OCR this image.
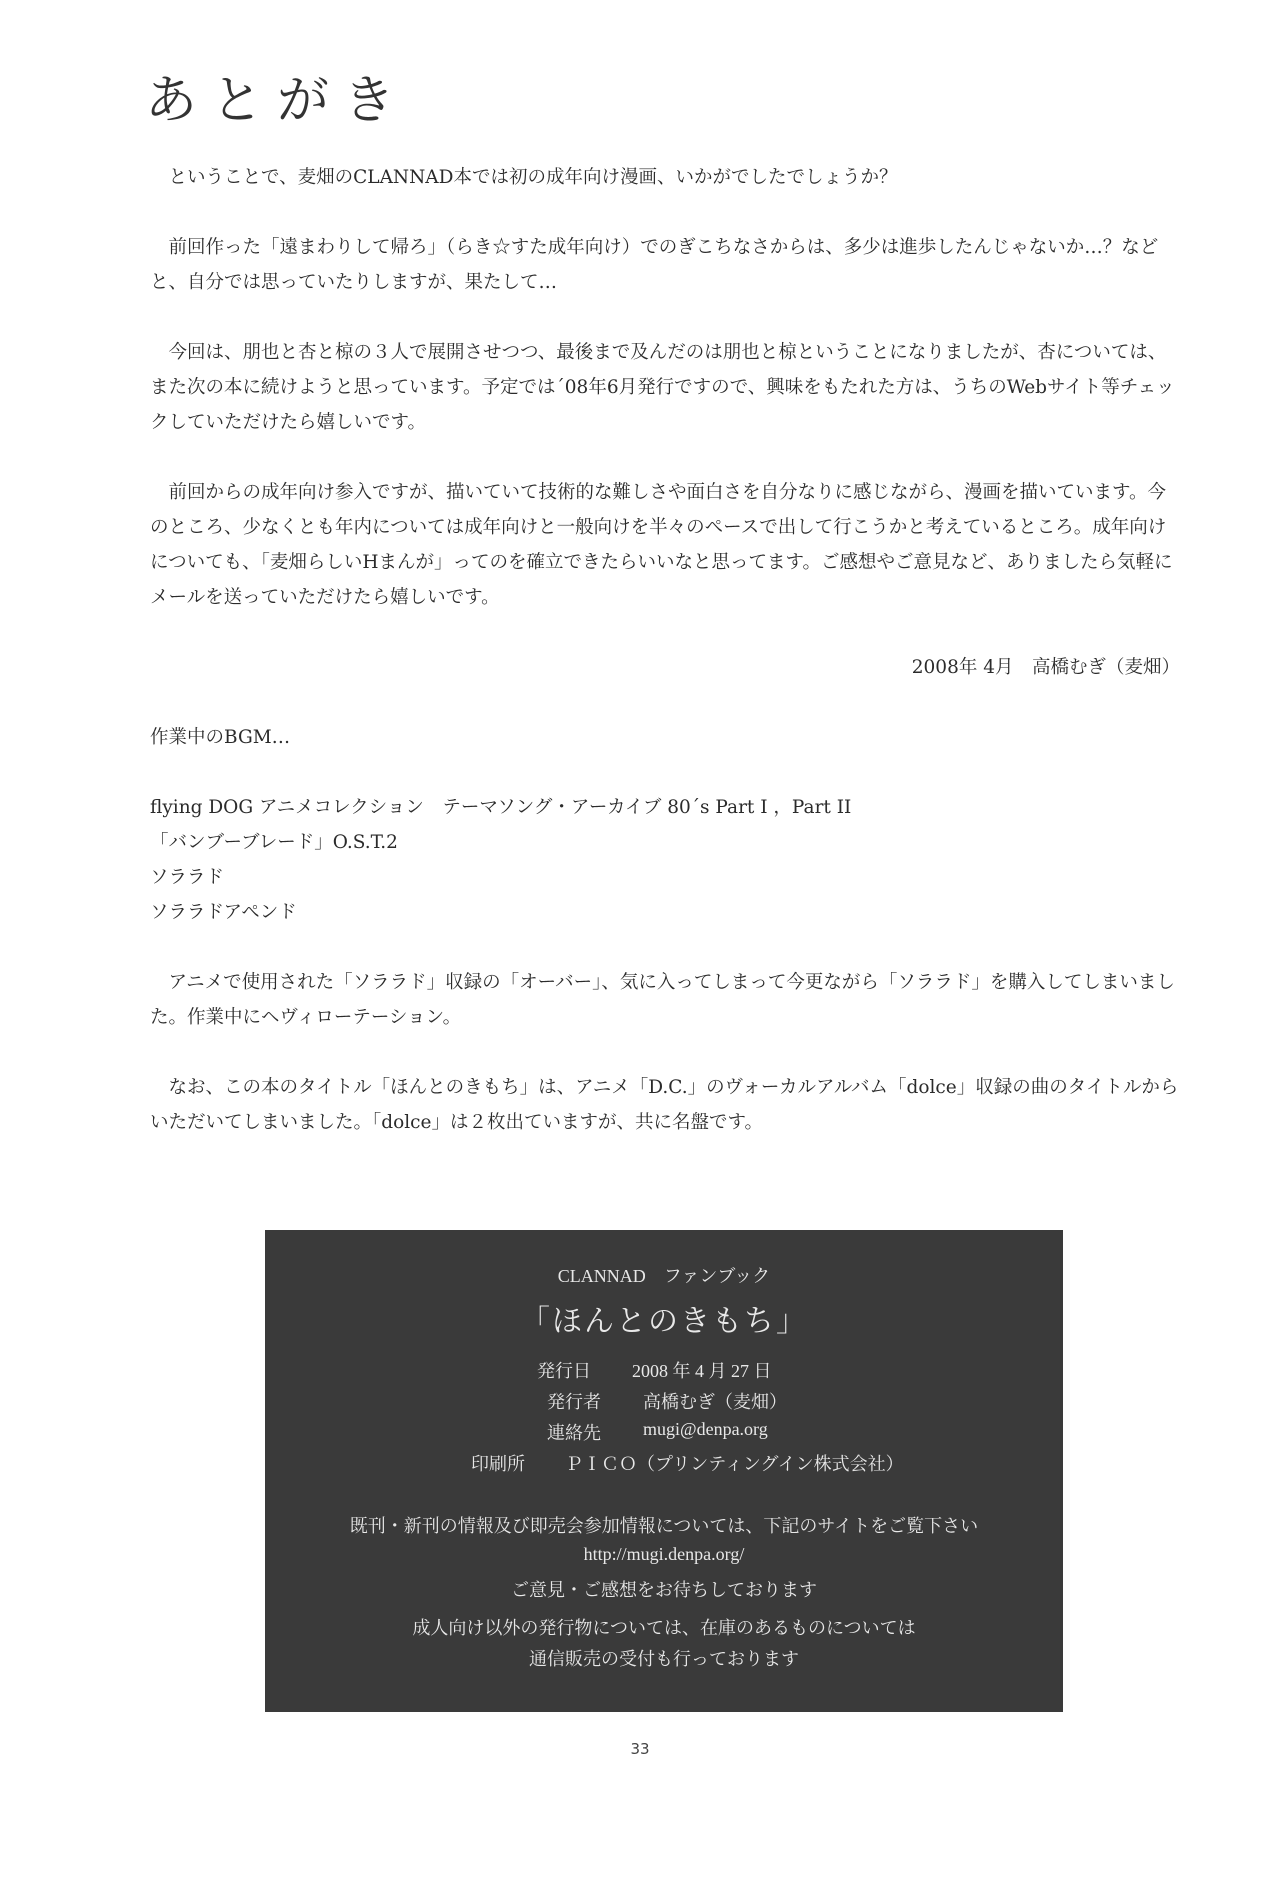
あとがき

ということで、麦畑のCLANNAD本では初の成年向け漫画、いかがでしたでしょうか？

前回作った「遠まわりして帰ろ」（らき☆すた成年向け）でのぎこちなさからは、多少は進歩したんじゃないか…？などと、自分では思っていたりしますが、果たして…

今回は、朋也と杏と椋の３人で展開させつつ、最後まで及んだのは朋也と椋ということになりましたが、杏については、また次の本に続けようと思っています。予定では´08年6月発行ですので、興味をもたれた方は、うちのWebサイト等チェックしていただけたら嬉しいです。

前回からの成年向け参入ですが、描いていて技術的な難しさや面白さを自分なりに感じながら、漫画を描いています。今のところ、少なくとも年内については成年向けと一般向けを半々のペースで出して行こうかと考えているところ。成年向けについても、「麦畑らしいHまんが」ってのを確立できたらいいなと思ってます。ご感想やご意見など、ありましたら気軽にメールを送っていただけたら嬉しいです。

2008年 4月　高橋むぎ（麦畑）

作業中のBGM…

flying DOG アニメコレクション　テーマソング・アーカイブ 80´s Part I ，Part II
「バンブーブレード」O.S.T.2
ソララド
ソララドアペンド

アニメで使用された「ソララド」収録の「オーバー」、気に入ってしまって今更ながら「ソララド」を購入してしまいました。作業中にヘヴィローテーション。

なお、この本のタイトル「ほんとのきもち」は、アニメ「D.C.」のヴォーカルアルバム「dolce」収録の曲のタイトルからいただいてしまいました。「dolce」は２枚出ていますが、共に名盤です。

CLANNAD　ファンブック
「ほんとのきもち」
発行日 2008 年 4 月 27 日
発行者 高橋むぎ（麦畑）
連絡先 mugi@denpa.org
印刷所 ＰＩＣＯ（プリンティングイン株式会社）
既刊・新刊の情報及び即売会参加情報については、下記のサイトをご覧下さい
http://mugi.denpa.org/
ご意見・ご感想をお待ちしております
成人向け以外の発行物については、在庫のあるものについては
通信販売の受付も行っております
33
